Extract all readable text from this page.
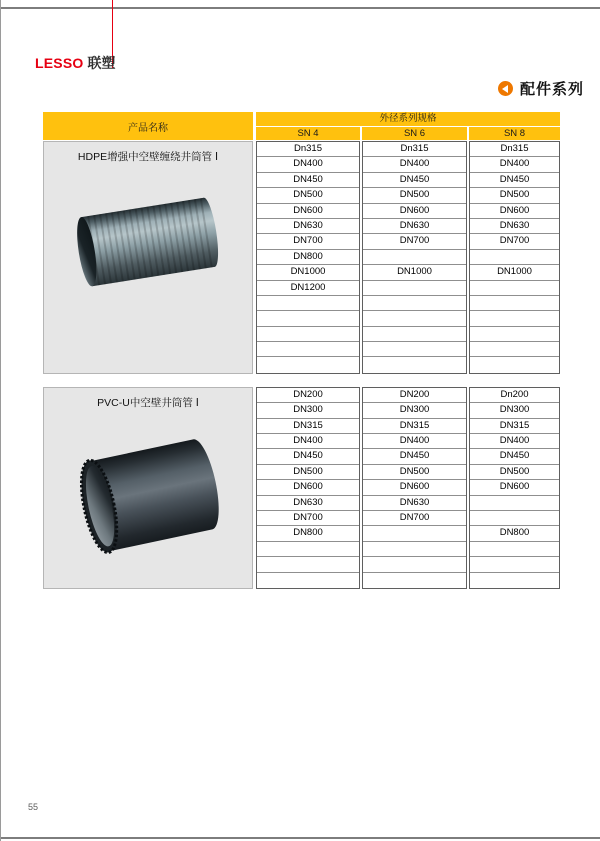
LESSO 联塑
配件系列
产品名称
外径系列规格
SN 4	SN 6	SN 8
HDPE增强中空壁缠绕井筒管 Ⅰ
Dn315
DN400
DN450
DN500
DN600
DN630
DN700
DN800
DN1000
DN1200
Dn315
DN400
DN450
DN500
DN600
DN630
DN700
DN1000
Dn315
DN400
DN450
DN500
DN600
DN630
DN700
DN1000
PVC-U中空壁井筒管 Ⅰ
DN200
DN300
DN315
DN400
DN450
DN500
DN600
DN630
DN700
DN800
DN200
DN300
DN315
DN400
DN450
DN500
DN600
DN630
DN700
Dn200
DN300
DN315
DN400
DN450
DN500
DN600
DN800
55
